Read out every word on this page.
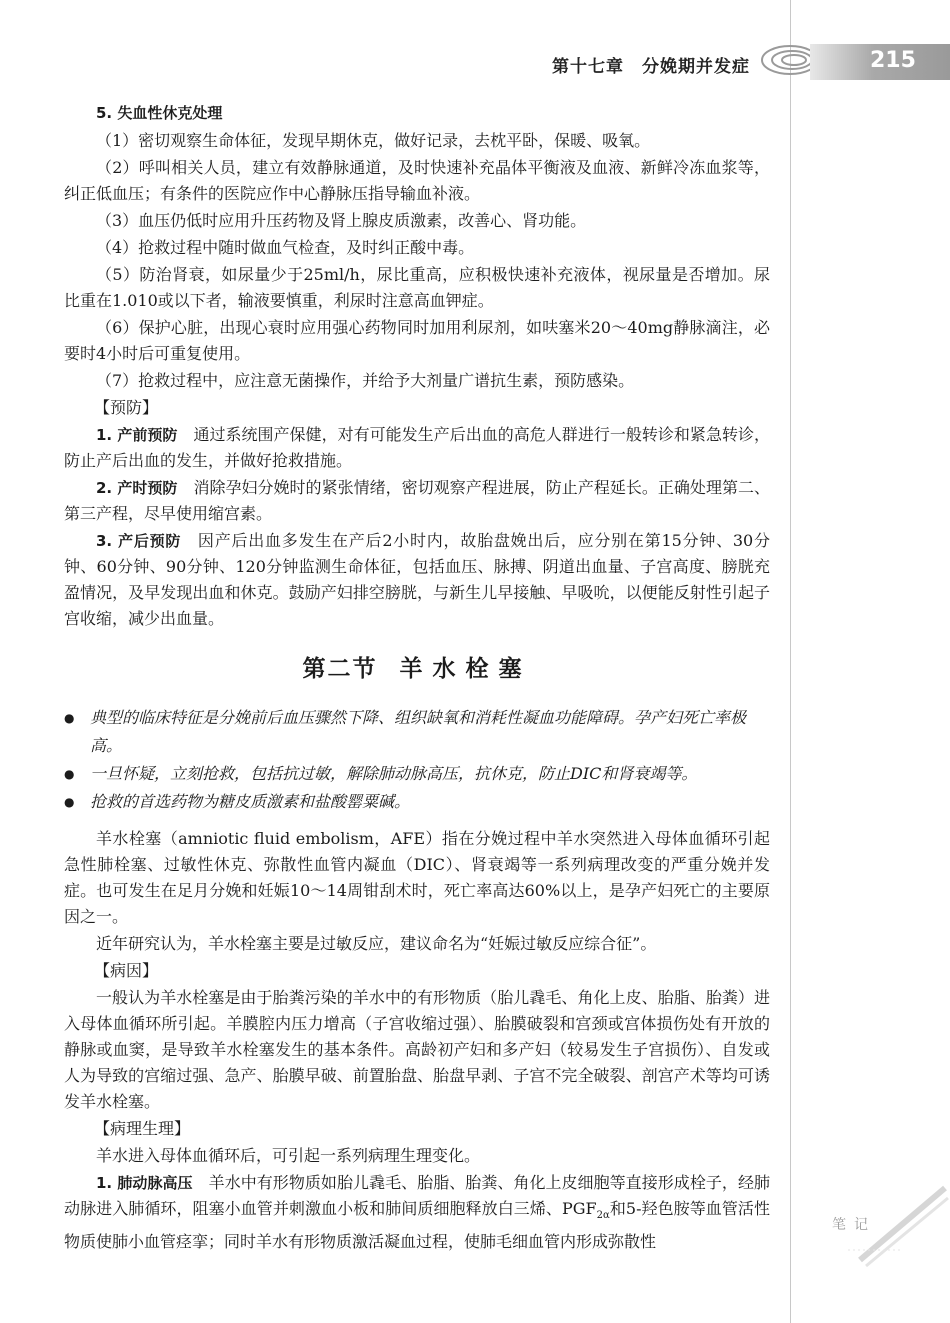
第十七章　分娩期并发症	215

5. 失血性休克处理

（1）密切观察生命体征，发现早期休克，做好记录，去枕平卧，保暖、吸氧。

（2）呼叫相关人员，建立有效静脉通道，及时快速补充晶体平衡液及血液、新鲜冷冻血浆等，纠正低血压；有条件的医院应作中心静脉压指导输血补液。

（3）血压仍低时应用升压药物及肾上腺皮质激素，改善心、肾功能。

（4）抢救过程中随时做血气检查，及时纠正酸中毒。

（5）防治肾衰，如尿量少于25ml/h，尿比重高，应积极快速补充液体，视尿量是否增加。尿比重在1.010或以下者，输液要慎重，利尿时注意高血钾症。

（6）保护心脏，出现心衰时应用强心药物同时加用利尿剂，如呋塞米20～40mg静脉滴注，必要时4小时后可重复使用。

（7）抢救过程中，应注意无菌操作，并给予大剂量广谱抗生素，预防感染。

【预防】

1. 产前预防　通过系统围产保健，对有可能发生产后出血的高危人群进行一般转诊和紧急转诊，防止产后出血的发生，并做好抢救措施。

2. 产时预防　消除孕妇分娩时的紧张情绪，密切观察产程进展，防止产程延长。正确处理第二、第三产程，尽早使用缩宫素。

3. 产后预防　因产后出血多发生在产后2小时内，故胎盘娩出后，应分别在第15分钟、30分钟、60分钟、90分钟、120分钟监测生命体征，包括血压、脉搏、阴道出血量、子宫高度、膀胱充盈情况，及早发现出血和休克。鼓励产妇排空膀胱，与新生儿早接触、早吸吮，以便能反射性引起子宫收缩，减少出血量。

第二节 羊水栓塞

● 典型的临床特征是分娩前后血压骤然下降、组织缺氧和消耗性凝血功能障碍。孕产妇死亡率极高。
● 一旦怀疑，立刻抢救，包括抗过敏，解除肺动脉高压，抗休克，防止DIC和肾衰竭等。
● 抢救的首选药物为糖皮质激素和盐酸罂粟碱。

羊水栓塞（amniotic fluid embolism，AFE）指在分娩过程中羊水突然进入母体血循环引起急性肺栓塞、过敏性休克、弥散性血管内凝血（DIC）、肾衰竭等一系列病理改变的严重分娩并发症。也可发生在足月分娩和妊娠10～14周钳刮术时，死亡率高达60%以上，是孕产妇死亡的主要原因之一。

近年研究认为，羊水栓塞主要是过敏反应，建议命名为“妊娠过敏反应综合征”。

【病因】

一般认为羊水栓塞是由于胎粪污染的羊水中的有形物质（胎儿毳毛、角化上皮、胎脂、胎粪）进入母体血循环所引起。羊膜腔内压力增高（子宫收缩过强）、胎膜破裂和宫颈或宫体损伤处有开放的静脉或血窦，是导致羊水栓塞发生的基本条件。高龄初产妇和多产妇（较易发生子宫损伤）、自发或人为导致的宫缩过强、急产、胎膜早破、前置胎盘、胎盘早剥、子宫不完全破裂、剖宫产术等均可诱发羊水栓塞。

【病理生理】

羊水进入母体血循环后，可引起一系列病理生理变化。

1. 肺动脉高压　羊水中有形物质如胎儿毳毛、胎脂、胎粪、角化上皮细胞等直接形成栓子，经肺动脉进入肺循环，阻塞小血管并刺激血小板和肺间质细胞释放白三烯、$PGF_{2\alpha}$和5-羟色胺等血管活性物质使肺小血管痉挛；同时羊水有形物质激活凝血过程，使肺毛细血管内形成弥散性

笔记
